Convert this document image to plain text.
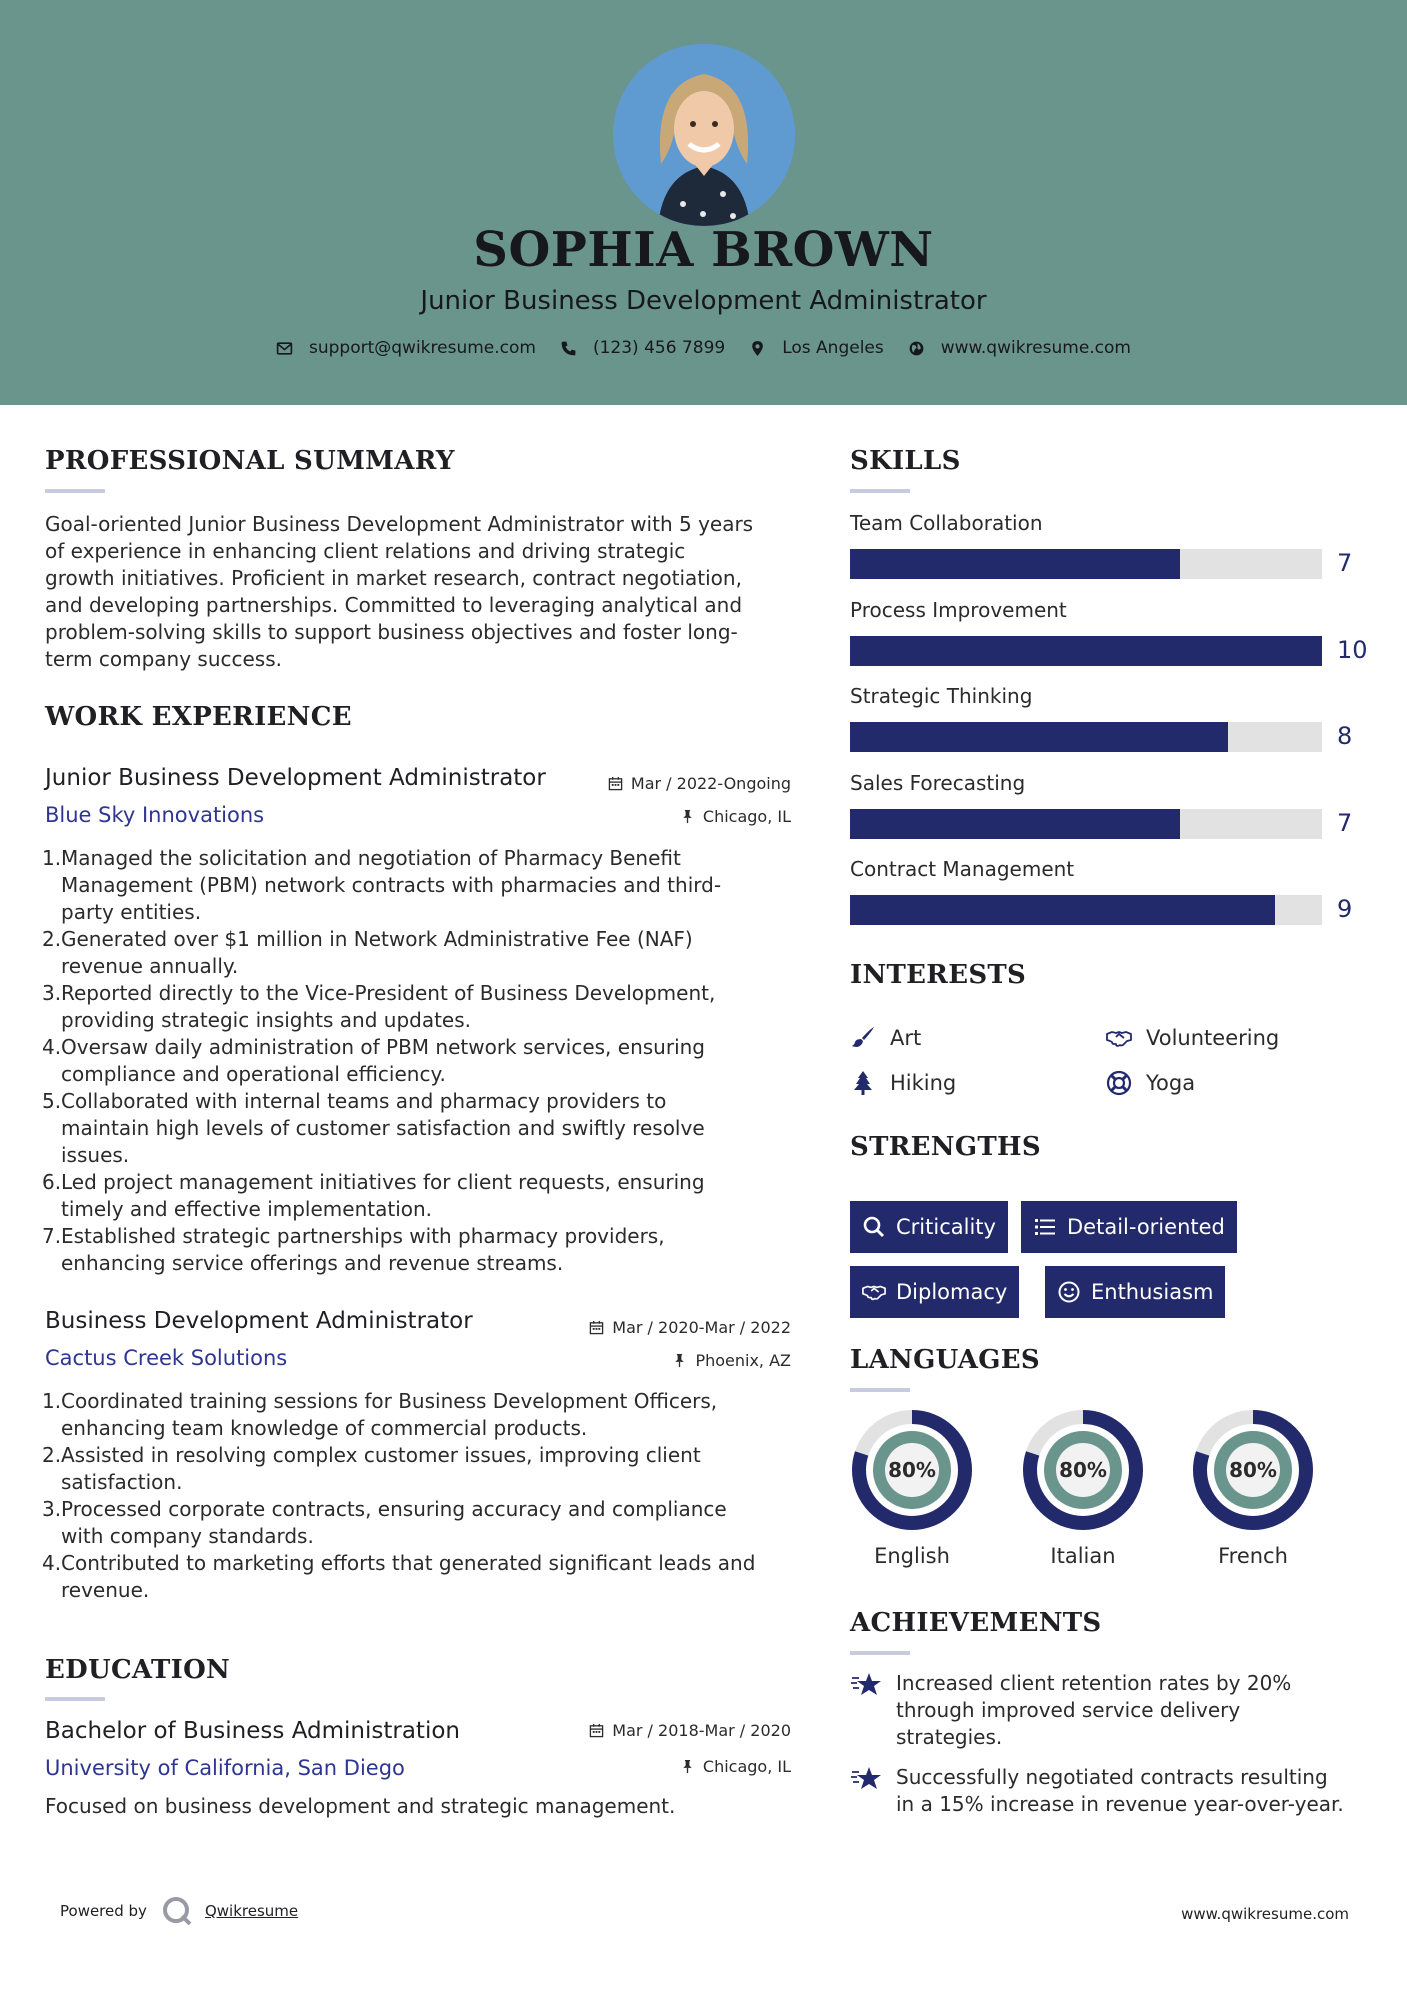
SOPHIA BROWN
Junior Business Development Administrator
support@qwikresume.com	(123) 456 7899	Los Angeles	www.qwikresume.com
PROFESSIONAL SUMMARY
Goal-oriented Junior Business Development Administrator with 5 years
of experience in enhancing client relations and driving strategic
growth initiatives. Proficient in market research, contract negotiation,
and developing partnerships. Committed to leveraging analytical and
problem-solving skills to support business objectives and foster long-
term company success.
WORK EXPERIENCE
Junior Business Development Administrator	Mar / 2022-Ongoing
Blue Sky Innovations	Chicago, IL
1. Managed the solicitation and negotiation of Pharmacy Benefit
Management (PBM) network contracts with pharmacies and third-
party entities.
2. Generated over $1 million in Network Administrative Fee (NAF)
revenue annually.
3. Reported directly to the Vice-President of Business Development,
providing strategic insights and updates.
4. Oversaw daily administration of PBM network services, ensuring
compliance and operational efficiency.
5. Collaborated with internal teams and pharmacy providers to
maintain high levels of customer satisfaction and swiftly resolve
issues.
6. Led project management initiatives for client requests, ensuring
timely and effective implementation.
7. Established strategic partnerships with pharmacy providers,
enhancing service offerings and revenue streams.
Business Development Administrator	Mar / 2020-Mar / 2022
Cactus Creek Solutions	Phoenix, AZ
1. Coordinated training sessions for Business Development Officers,
enhancing team knowledge of commercial products.
2. Assisted in resolving complex customer issues, improving client
satisfaction.
3. Processed corporate contracts, ensuring accuracy and compliance
with company standards.
4. Contributed to marketing efforts that generated significant leads and
revenue.
EDUCATION
Bachelor of Business Administration	Mar / 2018-Mar / 2020
University of California, San Diego	Chicago, IL
Focused on business development and strategic management.
SKILLS
Team Collaboration
7
Process Improvement
10
Strategic Thinking
8
Sales Forecasting
7
Contract Management
9
INTERESTS
Art	Volunteering
Hiking	Yoga
STRENGTHS
Criticality	Detail-oriented
Diplomacy	Enthusiasm
LANGUAGES
80%
English
80%
Italian
80%
French
ACHIEVEMENTS
Increased client retention rates by 20%
through improved service delivery
strategies.
Successfully negotiated contracts resulting
in a 15% increase in revenue year-over-year.
Powered by	Qwikresume	www.qwikresume.com
